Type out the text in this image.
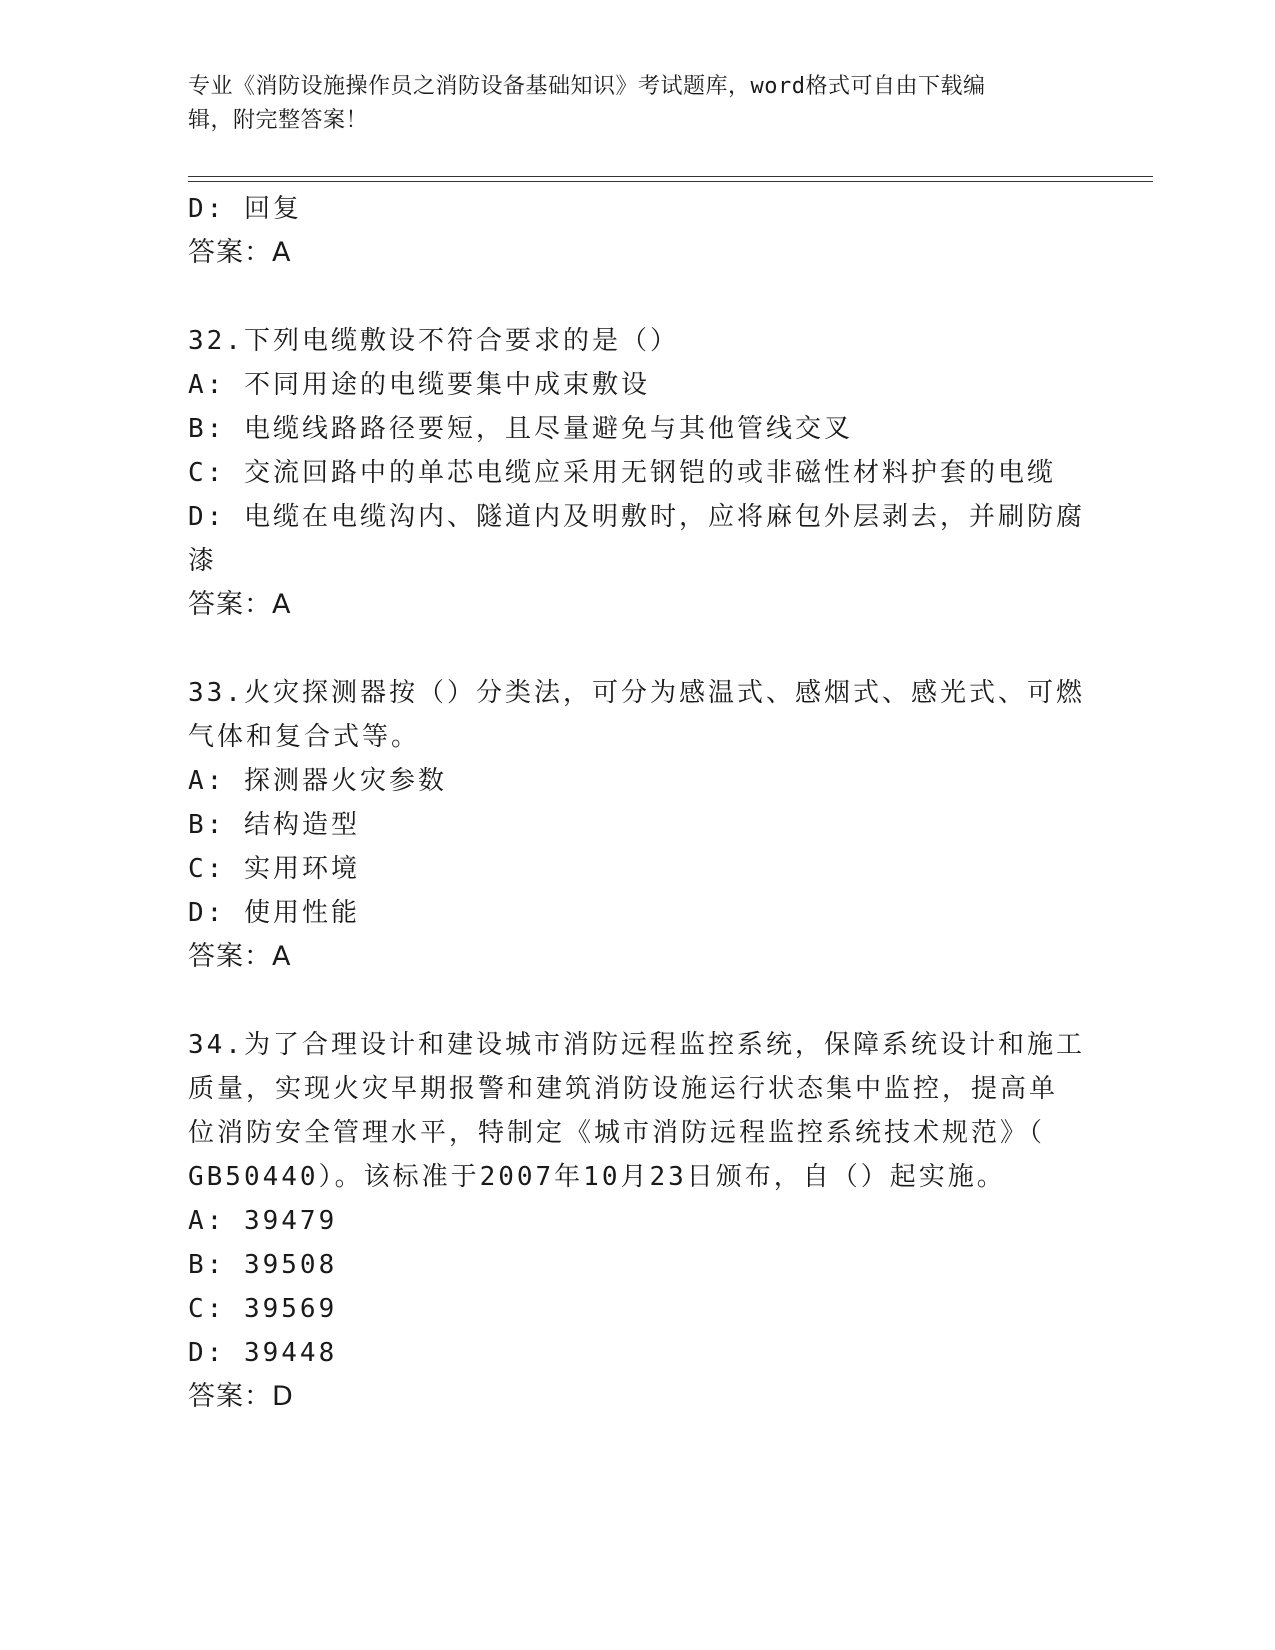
专业《消防设施操作员之消防设备基础知识》考试题库，word格式可自由下载编
辑，附完整答案！
D: 回复
答案：A
32.下列电缆敷设不符合要求的是（）
A: 不同用途的电缆要集中成束敷设
B: 电缆线路路径要短，且尽量避免与其他管线交叉
C: 交流回路中的单芯电缆应采用无钢铠的或非磁性材料护套的电缆
D: 电缆在电缆沟内、隧道内及明敷时，应将麻包外层剥去，并刷防腐
漆
答案：A
33.火灾探测器按（）分类法，可分为感温式、感烟式、感光式、可燃
气体和复合式等。
A: 探测器火灾参数
B: 结构造型
C: 实用环境
D: 使用性能
答案：A
34.为了合理设计和建设城市消防远程监控系统，保障系统设计和施工
质量，实现火灾早期报警和建筑消防设施运行状态集中监控，提高单
位消防安全管理水平，特制定《城市消防远程监控系统技术规范》（
GB50440）。该标准于2007年10月23日颁布，自（）起实施。
A: 39479
B: 39508
C: 39569
D: 39448
答案：D
